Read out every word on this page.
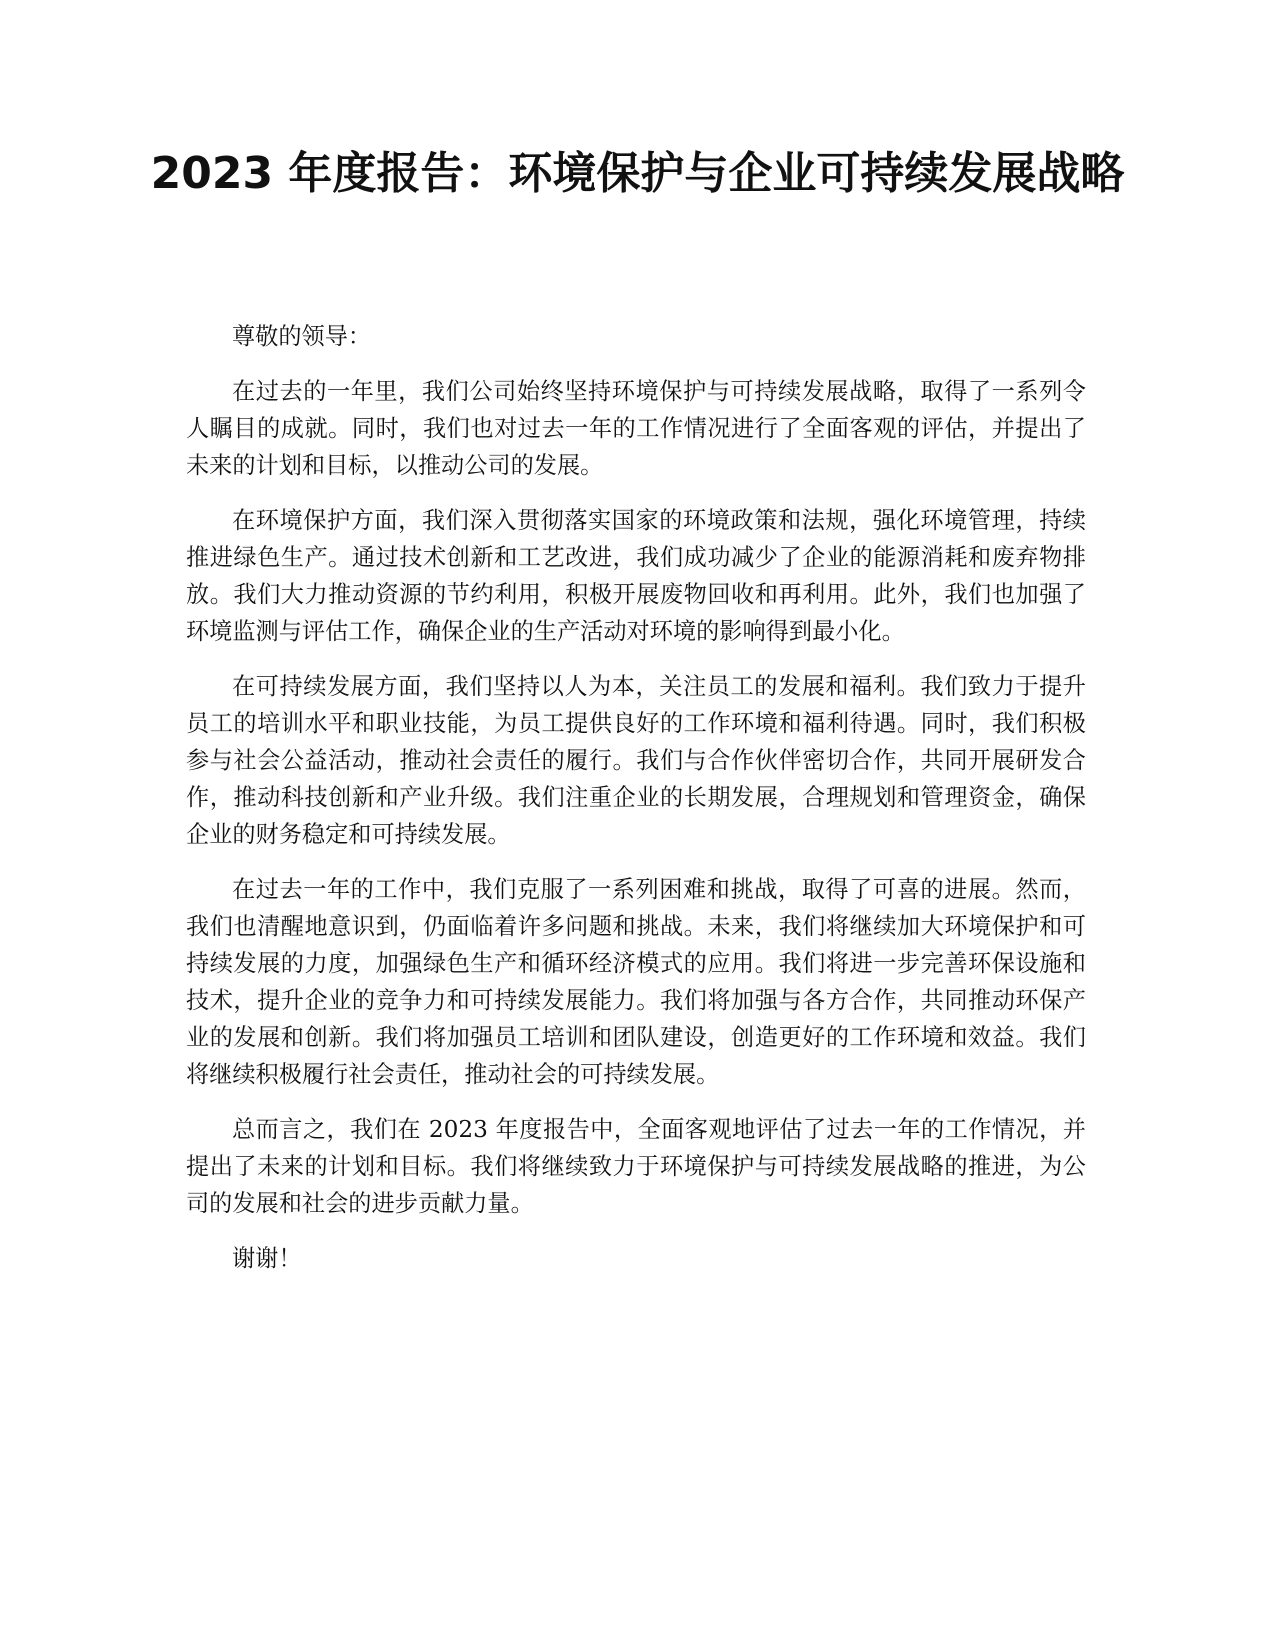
2023 年度报告：环境保护与企业可持续发展战略

尊敬的领导：

在过去的一年里，我们公司始终坚持环境保护与可持续发展战略，取得了一系列令人瞩目的成就。同时，我们也对过去一年的工作情况进行了全面客观的评估，并提出了未来的计划和目标，以推动公司的发展。

在环境保护方面，我们深入贯彻落实国家的环境政策和法规，强化环境管理，持续推进绿色生产。通过技术创新和工艺改进，我们成功减少了企业的能源消耗和废弃物排放。我们大力推动资源的节约利用，积极开展废物回收和再利用。此外，我们也加强了环境监测与评估工作，确保企业的生产活动对环境的影响得到最小化。

在可持续发展方面，我们坚持以人为本，关注员工的发展和福利。我们致力于提升员工的培训水平和职业技能，为员工提供良好的工作环境和福利待遇。同时，我们积极参与社会公益活动，推动社会责任的履行。我们与合作伙伴密切合作，共同开展研发合作，推动科技创新和产业升级。我们注重企业的长期发展，合理规划和管理资金，确保企业的财务稳定和可持续发展。

在过去一年的工作中，我们克服了一系列困难和挑战，取得了可喜的进展。然而，我们也清醒地意识到，仍面临着许多问题和挑战。未来，我们将继续加大环境保护和可持续发展的力度，加强绿色生产和循环经济模式的应用。我们将进一步完善环保设施和技术，提升企业的竞争力和可持续发展能力。我们将加强与各方合作，共同推动环保产业的发展和创新。我们将加强员工培训和团队建设，创造更好的工作环境和效益。我们将继续积极履行社会责任，推动社会的可持续发展。

总而言之，我们在 2023 年度报告中，全面客观地评估了过去一年的工作情况，并提出了未来的计划和目标。我们将继续致力于环境保护与可持续发展战略的推进，为公司的发展和社会的进步贡献力量。

谢谢！
